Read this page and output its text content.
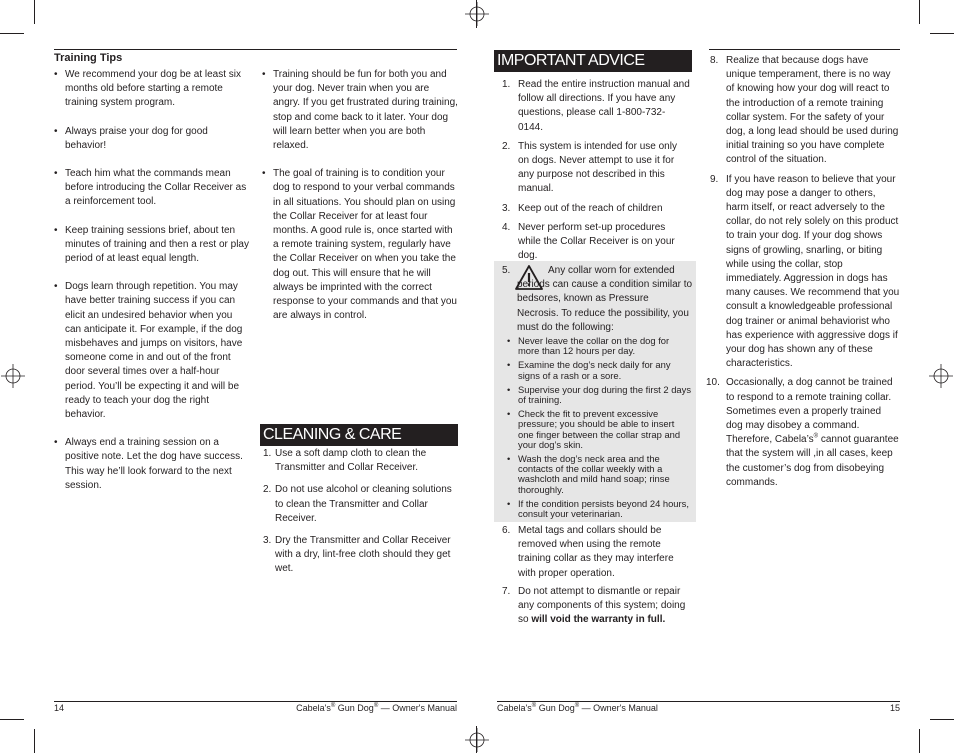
Training Tips
• We recommend your dog be at least six months old before starting a remote training system program.
• Always praise your dog for good behavior!
• Teach him what the commands mean before introducing the Collar Receiver as a reinforcement tool.
• Keep training sessions brief, about ten minutes of training and then a rest or play period of at least equal length.
• Dogs learn through repetition. You may have better training success if you can elicit an undesired behavior when you can anticipate it. For example, if the dog misbehaves and jumps on visitors, have someone come in and out of the front door several times over a half-hour period. You’ll be expecting it and will be ready to teach your dog the right behavior.
• Always end a training session on a positive note. Let the dog have success. This way he’ll look forward to the next session.
• Training should be fun for both you and your dog. Never train when you are angry. If you get frustrated during training, stop and come back to it later. Your dog will learn better when you are both relaxed.
• The goal of training is to condition your dog to respond to your verbal commands in all situations. You should plan on using the Collar Receiver for at least four months. A good rule is, once started with a remote training system, regularly have the Collar Receiver on when you take the dog out. This will ensure that he will always be imprinted with the correct response to your commands and that you are always in control.
CLEANING & CARE
1. Use a soft damp cloth to clean the Transmitter and Collar Receiver.
2. Do not use alcohol or cleaning solutions to clean the Transmitter and Collar Receiver.
3. Dry the Transmitter and Collar Receiver with a dry, lint-free cloth should they get wet.
14	Cabela's® Gun Dog® — Owner's Manual
IMPORTANT ADVICE
1. Read the entire instruction manual and follow all directions. If you have any questions, please call 1-800-732-0144.
2. This system is intended for use only on dogs. Never attempt to use it for any purpose not described in this manual.
3. Keep out of the reach of children
4. Never perform set-up procedures while the Collar Receiver is on your dog.
5.	Any collar worn for extended periods can cause a condition similar to bedsores, known as Pressure Necrosis. To reduce the possibility, you must do the following:
• Never leave the collar on the dog for more than 12 hours per day.
• Examine the dog’s neck daily for any signs of a rash or a sore.
• Supervise your dog during the first 2 days of training.
• Check the fit to prevent excessive pressure; you should be able to insert one finger between the collar strap and your dog’s skin.
• Wash the dog’s neck area and the contacts of the collar weekly with a washcloth and mild hand soap; rinse thoroughly.
• If the condition persists beyond 24 hours, consult your veterinarian.
6. Metal tags and collars should be removed when using the remote training collar as they may interfere with proper operation.
7. Do not attempt to dismantle or repair any components of this system; doing so will void the warranty in full.
8. Realize that because dogs have unique temperament, there is no way of knowing how your dog will react to the introduction of a remote training collar system. For the safety of your dog, a long lead should be used during initial training so you have complete control of the situation.
9. If you have reason to believe that your dog may pose a danger to others, harm itself, or react adversely to the collar, do not rely solely on this product to train your dog. If your dog shows signs of growling, snarling, or biting while using the collar, stop immediately. Aggression in dogs has many causes. We recommend that you consult a knowledgeable professional dog trainer or animal behaviorist who has experience with aggressive dogs if your dog has shown any of these characteristics.
10. Occasionally, a dog cannot be trained to respond to a remote training collar. Sometimes even a properly trained dog may disobey a command. Therefore, Cabela’s® cannot guarantee that the system will ,in all cases, keep the customer’s dog from disobeying commands.
Cabela's® Gun Dog® — Owner's Manual	15
